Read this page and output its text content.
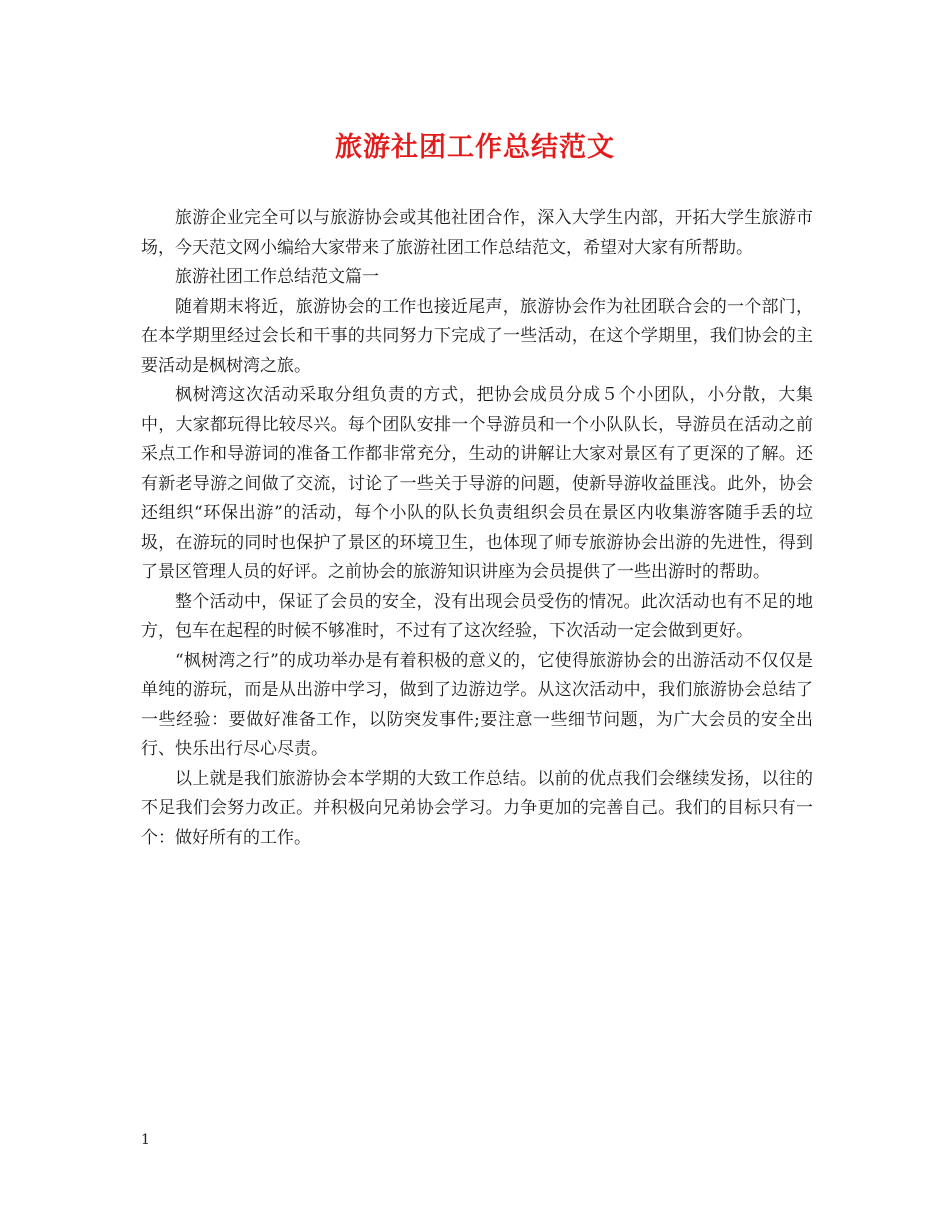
旅游社团工作总结范文

旅游企业完全可以与旅游协会或其他社团合作，深入大学生内部，开拓大学生旅游市场，今天范文网小编给大家带来了旅游社团工作总结范文，希望对大家有所帮助。

旅游社团工作总结范文篇一

随着期末将近，旅游协会的工作也接近尾声，旅游协会作为社团联合会的一个部门，在本学期里经过会长和干事的共同努力下完成了一些活动，在这个学期里，我们协会的主要活动是枫树湾之旅。

枫树湾这次活动采取分组负责的方式，把协会成员分成５个小团队，小分散，大集中，大家都玩得比较尽兴。每个团队安排一个导游员和一个小队队长，导游员在活动之前采点工作和导游词的准备工作都非常充分，生动的讲解让大家对景区有了更深的了解。还有新老导游之间做了交流，讨论了一些关于导游的问题，使新导游收益匪浅。此外，协会还组织“环保出游”的活动，每个小队的队长负责组织会员在景区内收集游客随手丢的垃圾，在游玩的同时也保护了景区的环境卫生，也体现了师专旅游协会出游的先进性，得到了景区管理人员的好评。之前协会的旅游知识讲座为会员提供了一些出游时的帮助。

整个活动中，保证了会员的安全，没有出现会员受伤的情况。此次活动也有不足的地方，包车在起程的时候不够准时，不过有了这次经验，下次活动一定会做到更好。

“枫树湾之行”的成功举办是有着积极的意义的，它使得旅游协会的出游活动不仅仅是单纯的游玩，而是从出游中学习，做到了边游边学。从这次活动中，我们旅游协会总结了一些经验：要做好准备工作，以防突发事件;要注意一些细节问题，为广大会员的安全出行、快乐出行尽心尽责。

以上就是我们旅游协会本学期的大致工作总结。以前的优点我们会继续发扬，以往的不足我们会努力改正。并积极向兄弟协会学习。力争更加的完善自己。我们的目标只有一个：做好所有的工作。

1
